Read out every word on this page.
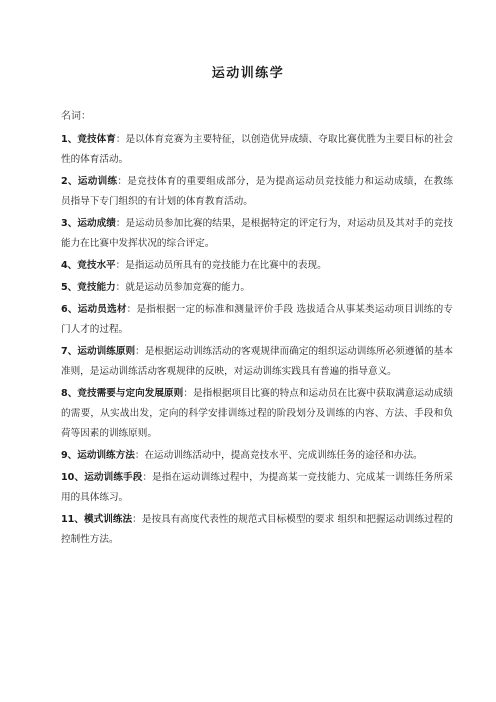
运动训练学
名词：
1、竞技体育：是以体育竞赛为主要特征，以创造优异成绩、夺取比赛优胜为主要目标的社会性的体育活动。
2、运动训练：是竞技体育的重要组成部分，是为提高运动员竞技能力和运动成绩，在教练　员指导下专门组织的有计划的体育教育活动。
3、运动成绩：是运动员参加比赛的结果，是根据特定的评定行为，对运动员及其对手的竞技能力在比赛中发挥状况的综合评定。
4、竞技水平：是指运动员所具有的竞技能力在比赛中的表现。
5、竞技能力：就是运动员参加竞赛的能力。
6、运动员选材：是指根据一定的标准和测量评价手段 选拔适合从事某类运动项目训练的专门人才的过程。
7、运动训练原则：是根据运动训练活动的客观规律而确定的组织运动训练所必须遵循的基本准则，是运动训练活动客观规律的反映，对运动训练实践具有普遍的指导意义。
8、竞技需要与定向发展原则：是指根据项目比赛的特点和运动员在比赛中获取满意运动成绩的需要，从实战出发，定向的科学安排训练过程的阶段划分及训练的内容、方法、手段和负荷等因素的训练原则。
9、运动训练方法：在运动训练活动中，提高竞技水平、完成训练任务的途径和办法。
10、运动训练手段：是指在运动训练过程中，为提高某一竞技能力、完成某一训练任务所采用的具体练习。
11、模式训练法：是按具有高度代表性的规范式目标模型的要求 组织和把握运动训练过程的控制性方法。
